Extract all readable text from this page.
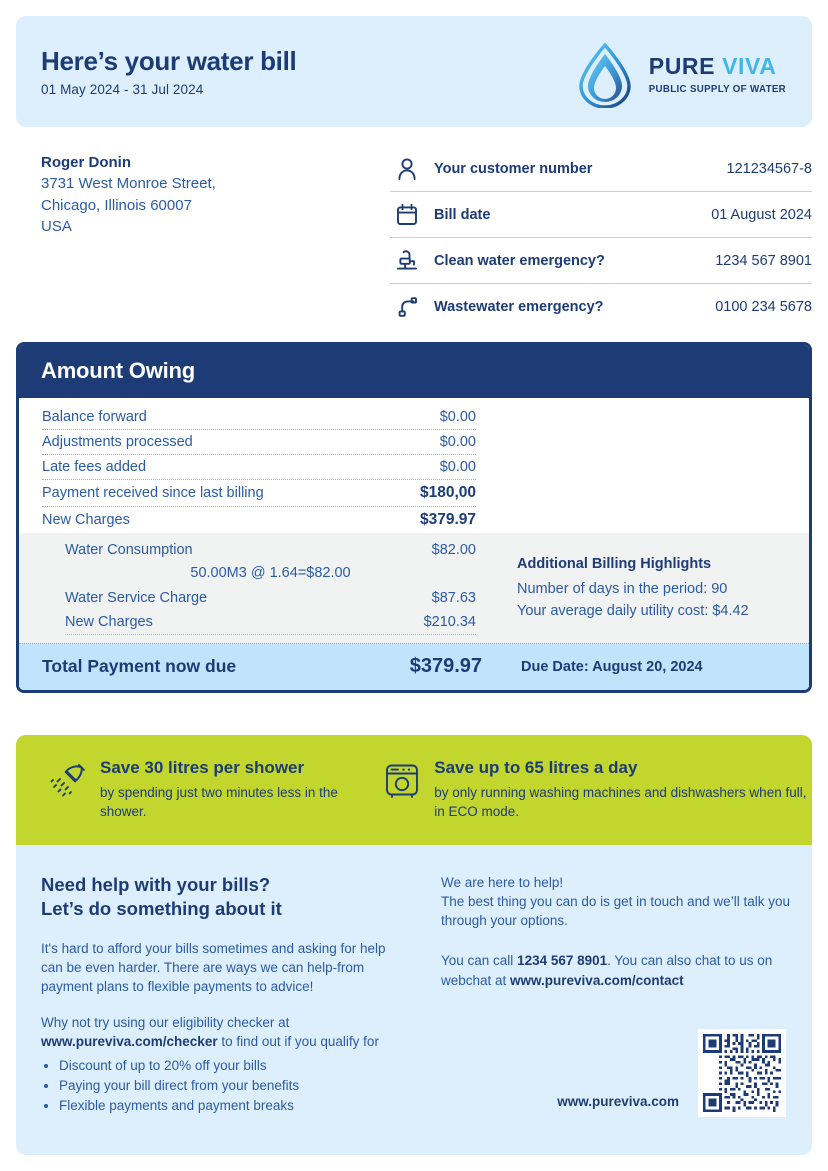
Here’s your water bill
01 May 2024 - 31 Jul 2024
PURE VIVA
PUBLIC SUPPLY OF WATER
Roger Donin
3731 West Monroe Street,
Chicago, Illinois 60007
USA
Your customer number	121234567-8
Bill date	01 August 2024
Clean water emergency?	1234 567 8901
Wastewater emergency?	0100 234 5678
Amount Owing
Balance forward	$0.00
Adjustments processed	$0.00
Late fees added	$0.00
Payment received since last billing	$180,00
New Charges	$379.97
Water Consumption	$82.00
50.00M3 @ 1.64=$82.00
Water Service Charge	$87.63
New Charges	$210.34
Additional Billing Highlights
Number of days in the period: 90
Your average daily utility cost: $4.42
Total Payment now due	$379.97	Due Date: August 20, 2024
Save 30 litres per shower
by spending just two minutes less in the shower.
Save up to 65 litres a day
by only running washing machines and dishwashers when full, in ECO mode.
Need help with your bills?
Let’s do something about it
It's hard to afford your bills sometimes and asking for help can be even harder. There are ways we can help-from payment plans to flexible payments to advice!
Why not try using our eligibility checker at www.pureviva.com/checker to find out if you qualify for
• Discount of up to 20% off your bills
• Paying your bill direct from your benefits
• Flexible payments and payment breaks
We are here to help!
The best thing you can do is get in touch and we’ll talk you through your options.
You can call 1234 567 8901. You can also chat to us on webchat at www.pureviva.com/contact
www.pureviva.com
